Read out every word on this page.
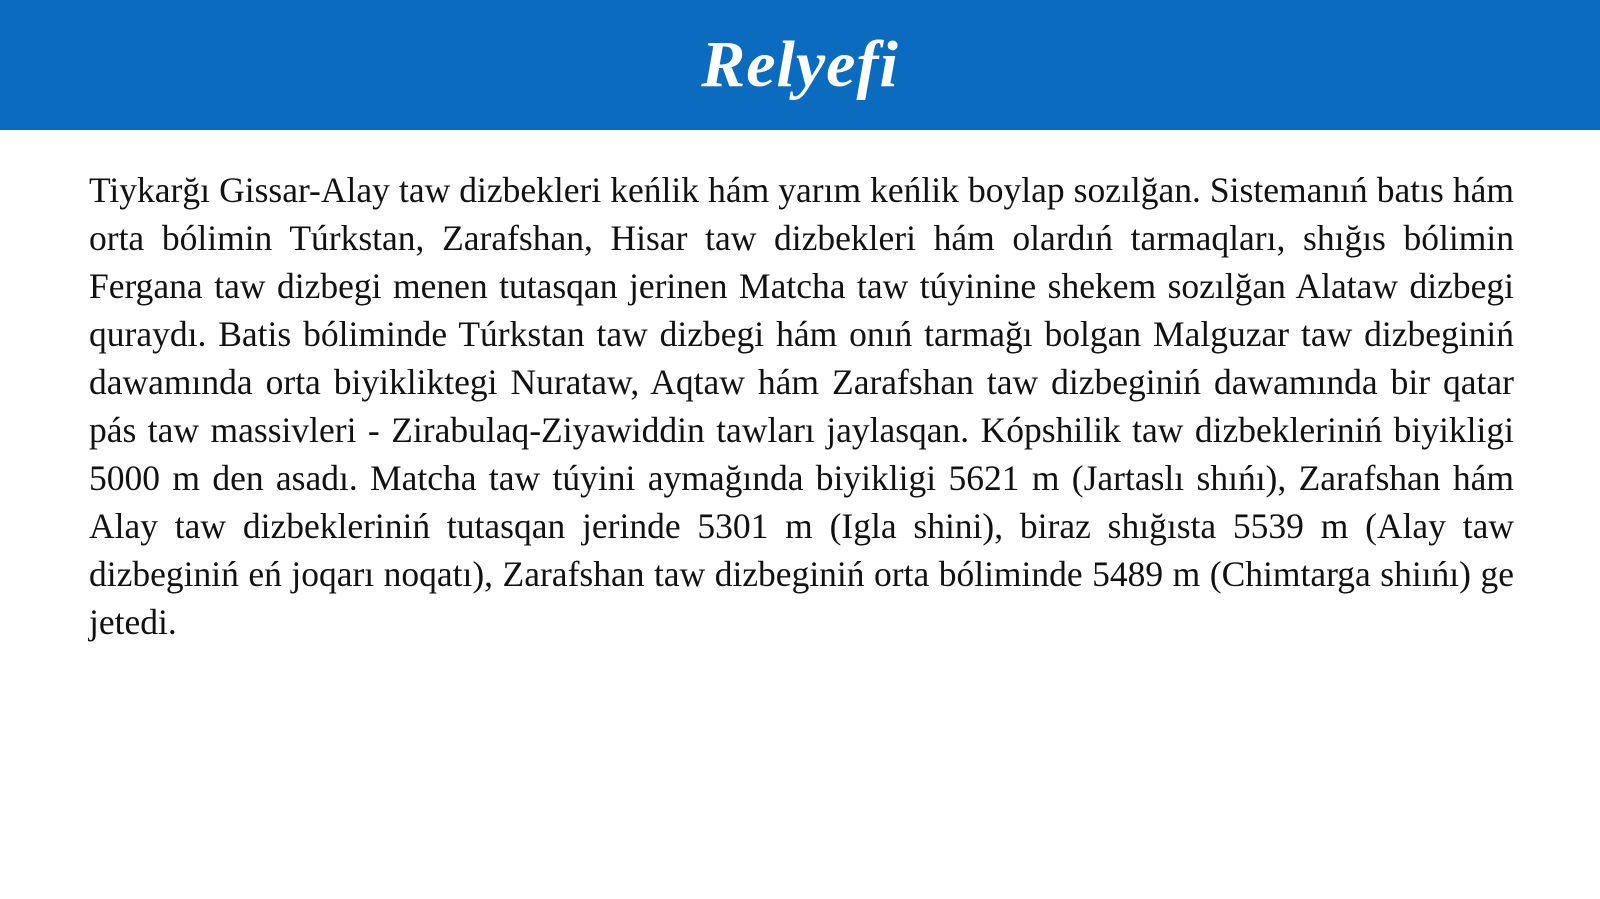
Relyefi

Tiykarğı Gissar-Alay taw dizbekleri keńlik hám yarım keńlik boylap sozılğan. Sistemanıń batıs hám orta bólimin Túrkstan, Zarafshan, Hisar taw dizbekleri hám olardıń tarmaqları, shığıs bólimin Fergana taw dizbegi menen tutasqan jerinen Matcha taw túyinine shekem sozılğan Alataw dizbegi quraydı. Batis bóliminde Túrkstan taw dizbegi hám onıń tarmağı bolgan Malguzar taw dizbeginiń dawamında orta biyikliktegi Nurataw, Aqtaw hám Zarafshan taw dizbeginiń dawamında bir qatar pás taw massivleri - Zirabulaq-Ziyawiddin tawları jaylasqan. Kópshilik taw dizbekleriniń biyikligi 5000 m den asadı. Matcha taw túyini aymağında biyikligi 5621 m (Jartaslı shıńı), Zarafshan hám Alay taw dizbekleriniń tutasqan jerinde 5301 m (Igla shini), biraz shığısta 5539 m (Alay taw dizbeginiń eń joqarı noqatı), Zarafshan taw dizbeginiń orta bóliminde 5489 m (Chimtarga shiıńı) ge jetedi.
